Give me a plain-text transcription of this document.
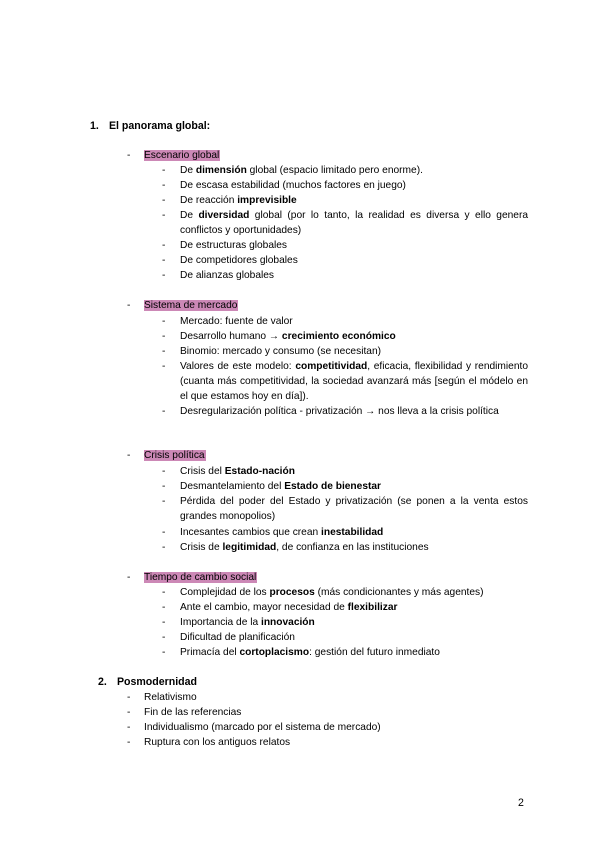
1. El panorama global:
- Escenario global
- Sistema de mercado
- Crisis política
- Tiempo de cambio social
- De dimensión global (espacio limitado pero enorme).
- De escasa estabilidad (muchos factores en juego)
- De reacción imprevisible
- De diversidad global (por lo tanto, la realidad es diversa y ello genera conflictos y oportunidades)
- De estructuras globales
- De competidores globales
- De alianzas globales
- Mercado: fuente de valor
- Desarrollo humano → crecimiento económico
- Binomio: mercado y consumo (se necesitan)
- Valores de este modelo: competitividad, eficacia, flexibilidad y rendimiento (cuanta más competitividad, la sociedad avanzará más [según el módelo en el que estamos hoy en día]).
- Desregularización política - privatización → nos lleva a la crisis política
- Crisis del Estado-nación
- Desmantelamiento del Estado de bienestar
- Pérdida del poder del Estado y privatización (se ponen a la venta estos grandes monopolios)
- Incesantes cambios que crean inestabilidad
- Crisis de legitimidad, de confianza en las instituciones
- Complejidad de los procesos (más condicionantes y más agentes)
- Ante el cambio, mayor necesidad de flexibilizar
- Importancia de la innovación
- Dificultad de planificación
- Primacía del cortoplacismo: gestión del futuro inmediato
2. Posmodernidad
- Relativismo
- Fin de las referencias
- Individualismo (marcado por el sistema de mercado)
- Ruptura con los antiguos relatos
2
